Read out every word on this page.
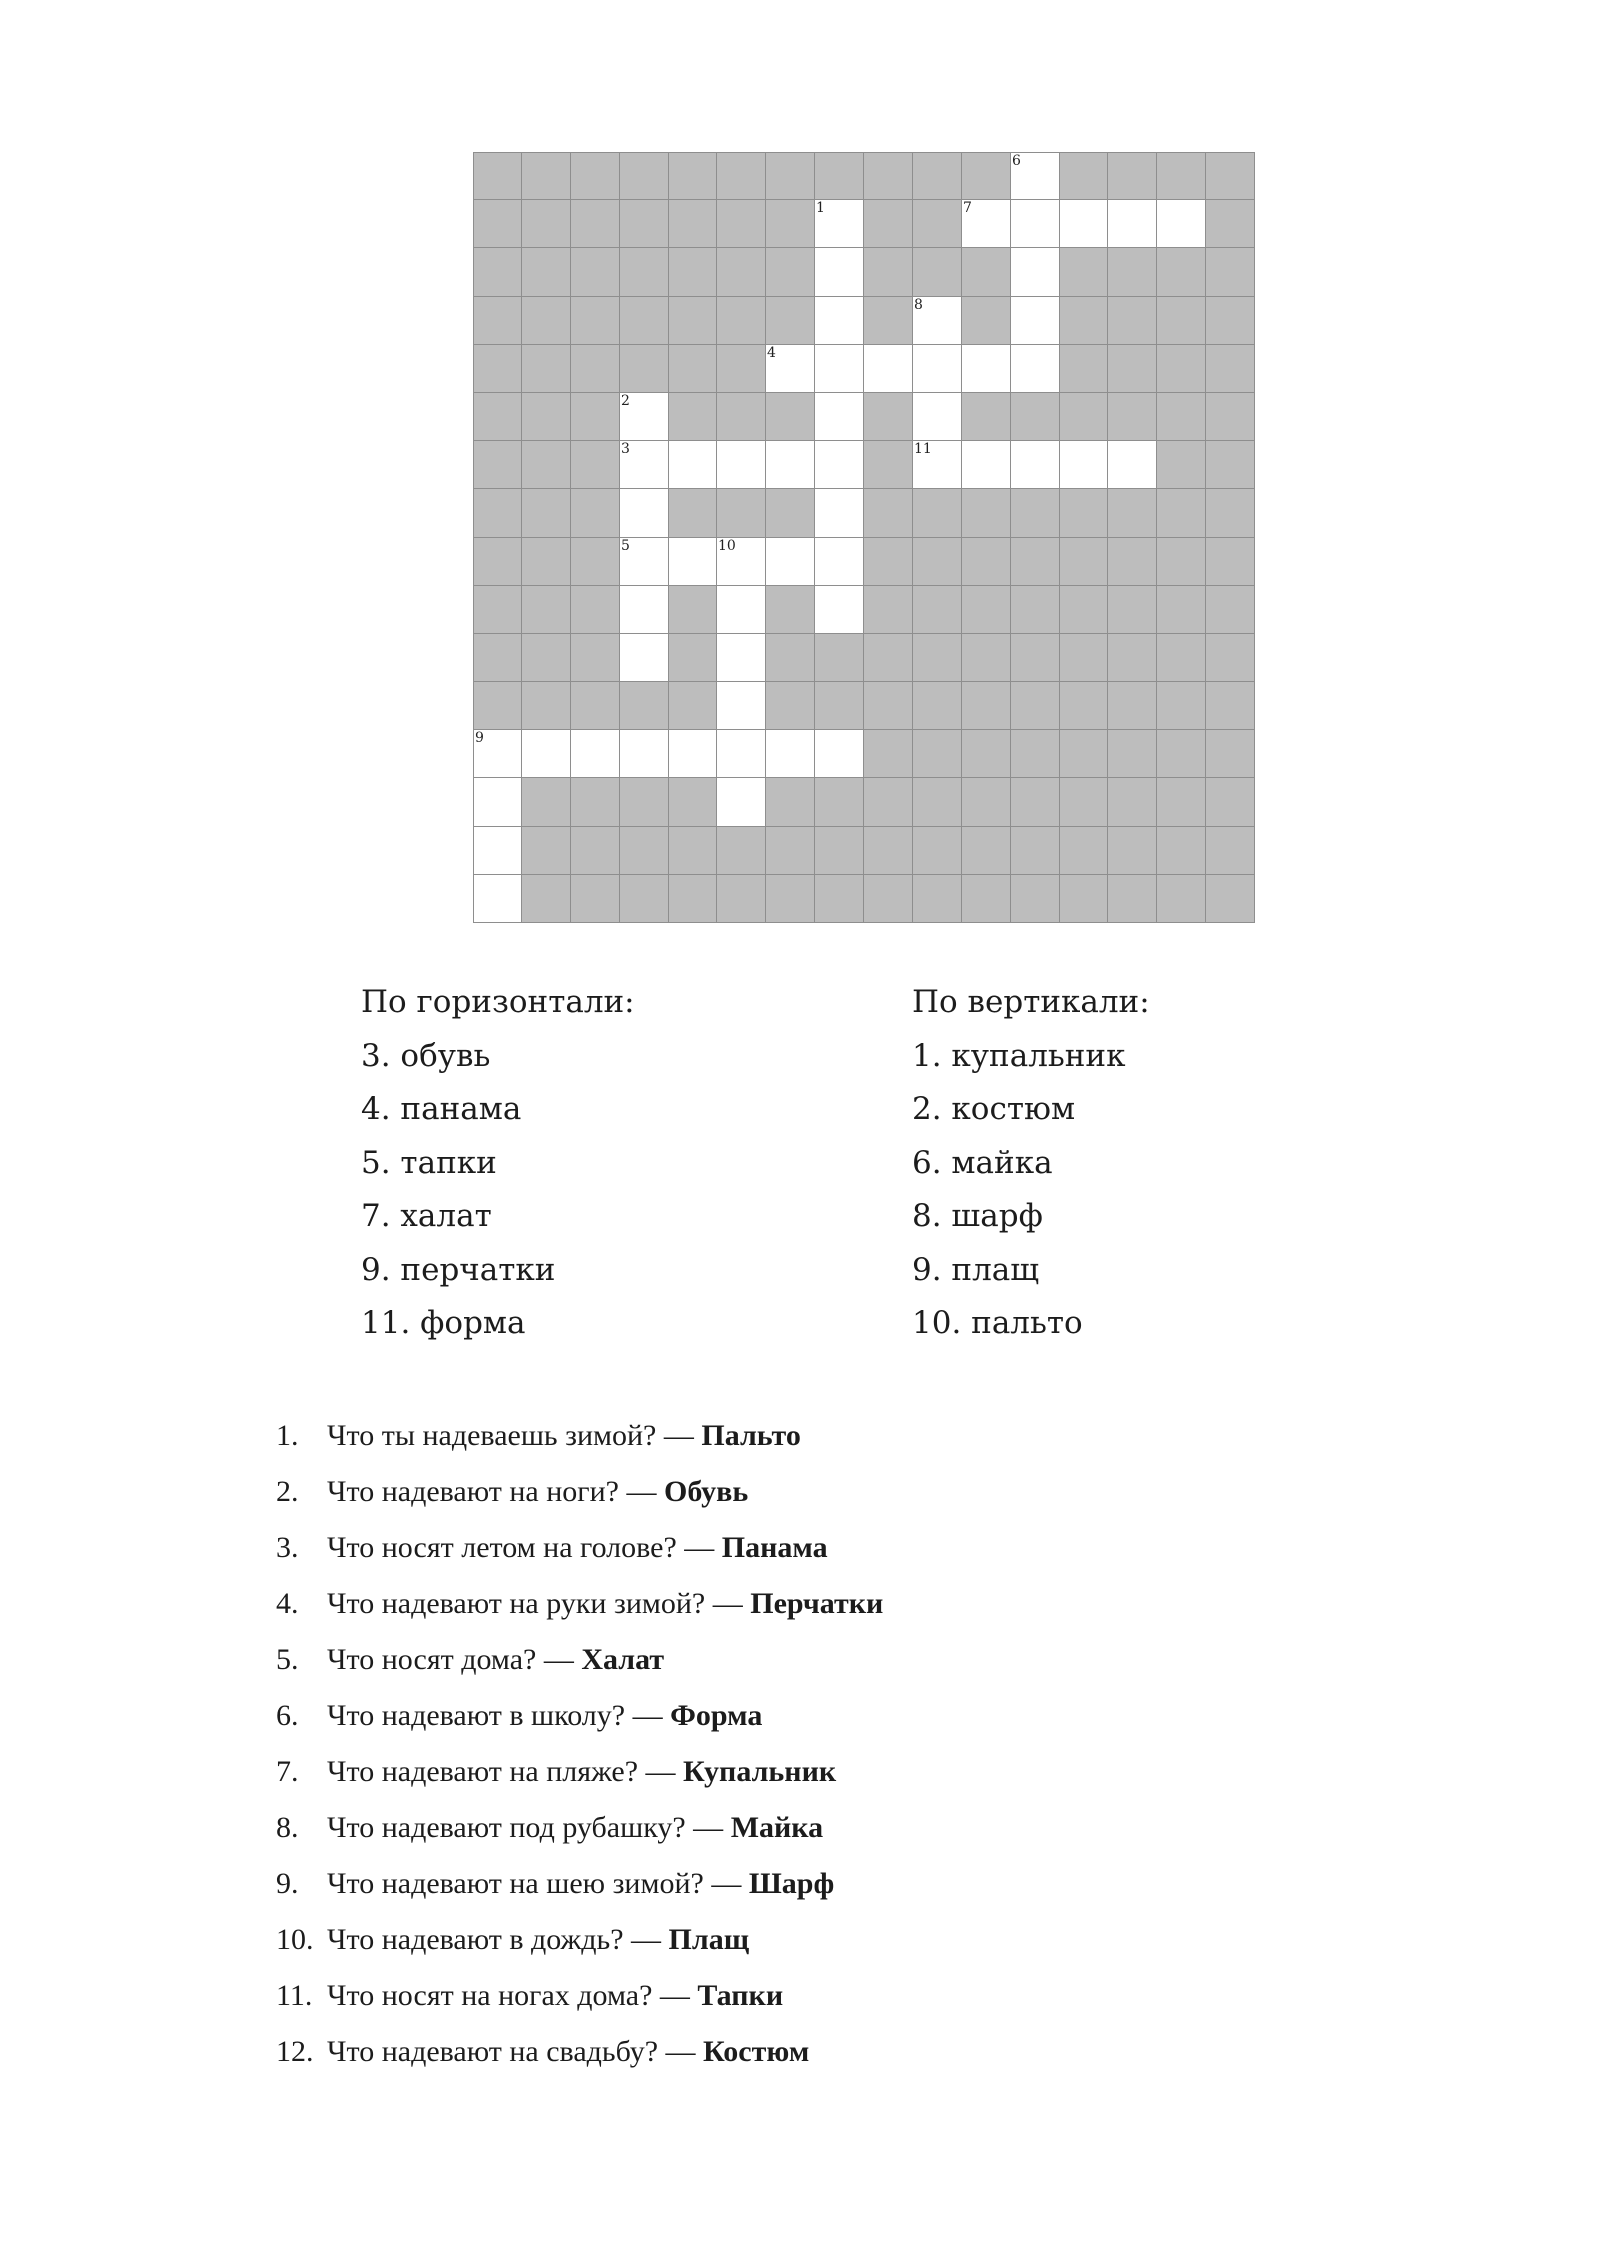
6
1	7
8
4
2
3	11
5	10
9
По горизонтали:
3. обувь
4. панама
5. тапки
7. халат
9. перчатки
11. форма
По вертикали:
1. купальник
2. костюм
6. майка
8. шарф
9. плащ
10. пальто
1. Что ты надеваешь зимой? — Пальто
2. Что надевают на ноги? — Обувь
3. Что носят летом на голове? — Панама
4. Что надевают на руки зимой? — Перчатки
5. Что носят дома? — Халат
6. Что надевают в школу? — Форма
7. Что надевают на пляже? — Купальник
8. Что надевают под рубашку? — Майка
9. Что надевают на шею зимой? — Шарф
10. Что надевают в дождь? — Плащ
11. Что носят на ногах дома? — Тапки
12. Что надевают на свадьбу? — Костюм
